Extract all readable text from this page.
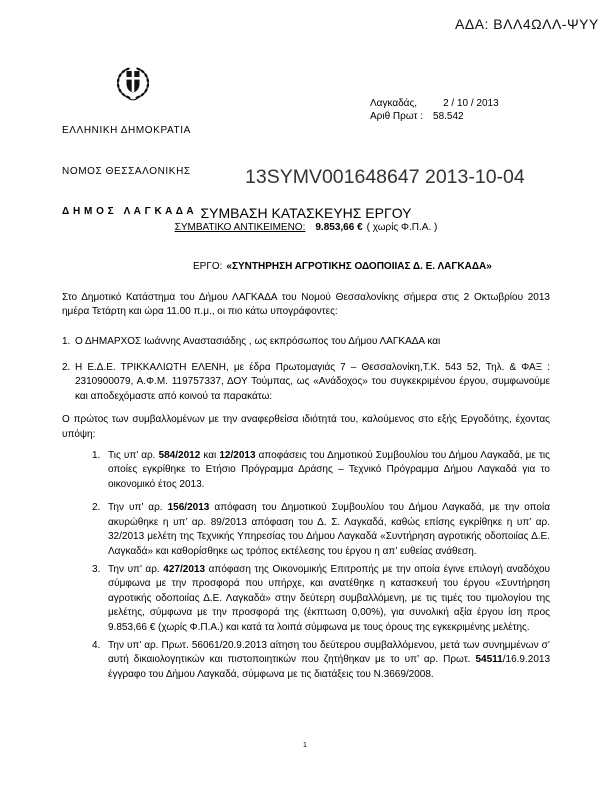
ΑΔΑ: ΒΛΛ4ΩΛΛ-ΨΥΥ

ΕΛΛΗΝΙΚΗ ΔΗΜΟΚΡΑΤΙΑ

ΝΟΜΟΣ ΘΕΣΣΑΛΟΝΙΚΗΣ

Δ Η Μ Ο Σ   Λ Α Γ Κ Α Δ Α

Λαγκαδάς,	2 / 10 / 2013
Αριθ Πρωτ : 58.542
13SYMV001648647 2013-10-04
ΣΥΜΒΑΣΗ ΚΑΤΑΣΚΕΥΗΣ ΕΡΓΟΥ
ΣΥΜΒΑΤΙΚΟ ΑΝΤΙΚΕΙΜΕΝΟ: 9.853,66 € ( χωρίς Φ.Π.Α. )
ΕΡΓΟ: «ΣΥΝΤΗΡΗΣΗ ΑΓΡΟΤΙΚΗΣ ΟΔΟΠΟΙΙΑΣ Δ. Ε. ΛΑΓΚΑΔΑ»
Στο Δημοτικό Κατάστημα του Δήμου ΛΑΓΚΑΔΑ του Νομού Θεσσαλονίκης σήμερα στις 2 Οκτωβρίου 2013 ημέρα Τετάρτη και ώρα 11.00 π.μ., οι πιο κάτω υπογράφοντες:
1. Ο ΔΗΜΑΡΧΟΣ Ιωάννης Αναστασιάδης , ως εκπρόσωπος του Δήμου ΛΑΓΚΑΔΑ και
2. Η Ε.Δ.Ε. ΤΡΙΚΚΑΛΙΩΤΗ ΕΛΕΝΗ, με έδρα Πρωτομαγιάς 7 – Θεσσαλονίκη,Τ.Κ. 543 52, Τηλ. & ΦΑΞ : 2310900079, Α.Φ.Μ. 119757337, ΔΟΥ Τούμπας, ως «Ανάδοχος» του συγκεκριμένου έργου, συμφωνούμε και αποδεχόμαστε από κοινού τα παρακάτω:
Ο πρώτος των συμβαλλομένων με την αναφερθείσα ιδιότητά του, καλούμενος στο εξής Εργοδότης, έχοντας υπόψη:
1. Τις υπ’ αρ. 584/2012 και 12/2013 αποφάσεις του Δημοτικού Συμβουλίου του Δήμου Λαγκαδά, με τις οποίες εγκρίθηκε το Ετήσιο Πρόγραμμα Δράσης – Τεχνικό Πρόγραμμα Δήμου Λαγκαδά για το οικονομικό έτος 2013.
2. Την υπ’ αρ. 156/2013 απόφαση του Δημοτικού Συμβουλίου του Δήμου Λαγκαδά, με την οποία ακυρώθηκε η υπ’ αρ. 89/2013 απόφαση του Δ. Σ. Λαγκαδά, καθώς επίσης εγκρίθηκε η υπ’ αρ. 32/2013 μελέτη της Τεχνικής Υπηρεσίας του Δήμου Λαγκαδά «Συντήρηση αγροτικής οδοποιίας Δ.Ε. Λαγκαδά» και καθορίσθηκε ως τρόπος εκτέλεσης του έργου η απ’ ευθείας ανάθεση.
3. Την υπ’ αρ. 427/2013 απόφαση της Οικονομικής Επιτροπής με την οποία έγινε επιλογή αναδόχου σύμφωνα με την προσφορά που υπήρχε, και ανατέθηκε η κατασκευή του έργου «Συντήρηση αγροτικής οδοποιίας Δ.Ε. Λαγκαδά» στην δεύτερη συμβαλλόμενη, με τις τιμές του τιμολογίου της μελέτης, σύμφωνα με την προσφορά της (έκπτωση 0,00%), για συνολική αξία έργου ίση προς 9.853,66 € (χωρίς Φ.Π.Α.) και κατά τα λοιπά σύμφωνα με τους όρους της εγκεκριμένης μελέτης.
4. Την υπ’ αρ. Πρωτ. 56061/20.9.2013 αίτηση του δεύτερου συμβαλλόμενου, μετά των συνημμένων σ’ αυτή δικαιολογητικών και πιστοποιητικών που ζητήθηκαν με το υπ’ αρ. Πρωτ. 54511/16.9.2013 έγγραφο του Δήμου Λαγκαδά, σύμφωνα με τις διατάξεις του Ν.3669/2008.
1
